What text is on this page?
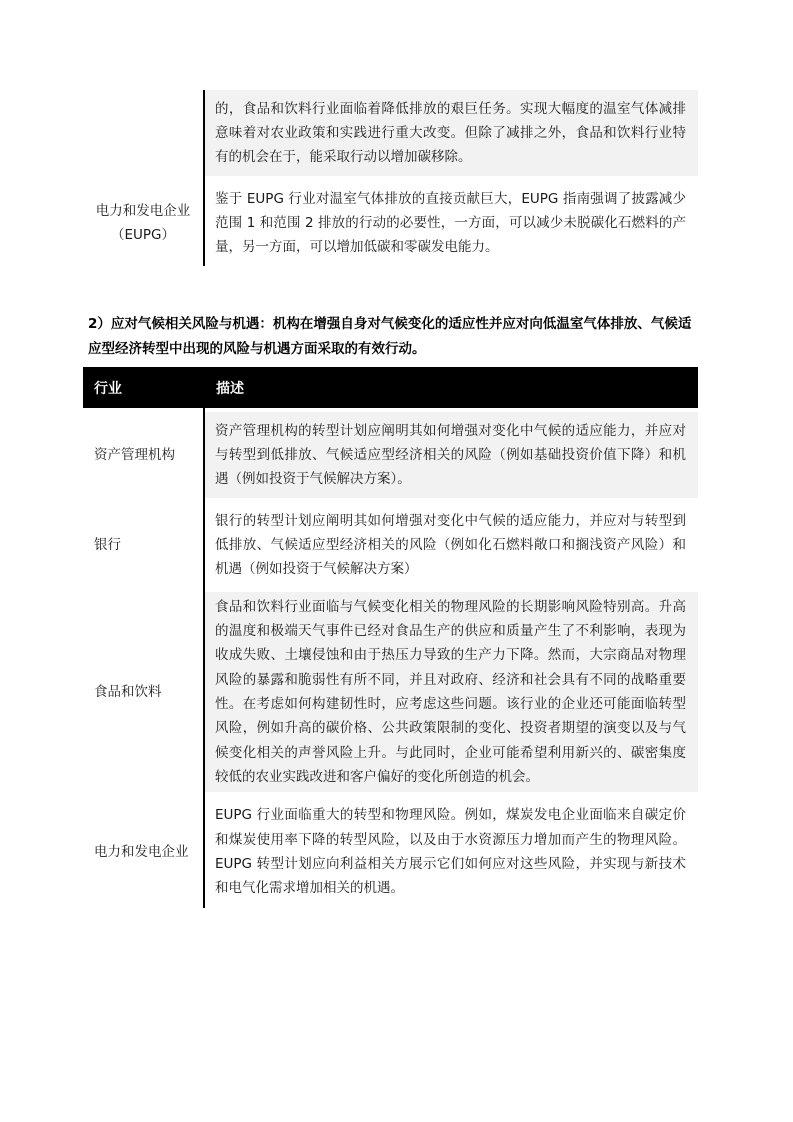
的，食品和饮料行业面临着降低排放的艰巨任务。实现大幅度的温室气体减排意味着对农业政策和实践进行重大改变。但除了减排之外，食品和饮料行业特有的机会在于，能采取行动以增加碳移除。
电力和发电企业
（EUPG）
鉴于 EUPG 行业对温室气体排放的直接贡献巨大，EUPG 指南强调了披露减少范围 1 和范围 2 排放的行动的必要性，一方面，可以减少未脱碳化石燃料的产量，另一方面，可以增加低碳和零碳发电能力。
2）应对气候相关风险与机遇：机构在增强自身对气候变化的适应性并应对向低温室气体排放、气候适应型经济转型中出现的风险与机遇方面采取的有效行动。
行业	描述
资产管理机构
资产管理机构的转型计划应阐明其如何增强对变化中气候的适应能力，并应对与转型到低排放、气候适应型经济相关的风险（例如基础投资价值下降）和机遇（例如投资于气候解决方案）。
银行
银行的转型计划应阐明其如何增强对变化中气候的适应能力，并应对与转型到低排放、气候适应型经济相关的风险（例如化石燃料敞口和搁浅资产风险）和机遇（例如投资于气候解决方案）
食品和饮料
食品和饮料行业面临与气候变化相关的物理风险的长期影响风险特别高。升高的温度和极端天气事件已经对食品生产的供应和质量产生了不利影响，表现为收成失败、土壤侵蚀和由于热压力导致的生产力下降。然而，大宗商品对物理风险的暴露和脆弱性有所不同，并且对政府、经济和社会具有不同的战略重要性。在考虑如何构建韧性时，应考虑这些问题。该行业的企业还可能面临转型风险，例如升高的碳价格、公共政策限制的变化、投资者期望的演变以及与气候变化相关的声誉风险上升。与此同时，企业可能希望利用新兴的、碳密集度较低的农业实践改进和客户偏好的变化所创造的机会。
电力和发电企业
EUPG 行业面临重大的转型和物理风险。例如，煤炭发电企业面临来自碳定价和煤炭使用率下降的转型风险，以及由于水资源压力增加而产生的物理风险。EUPG 转型计划应向利益相关方展示它们如何应对这些风险，并实现与新技术和电气化需求增加相关的机遇。
